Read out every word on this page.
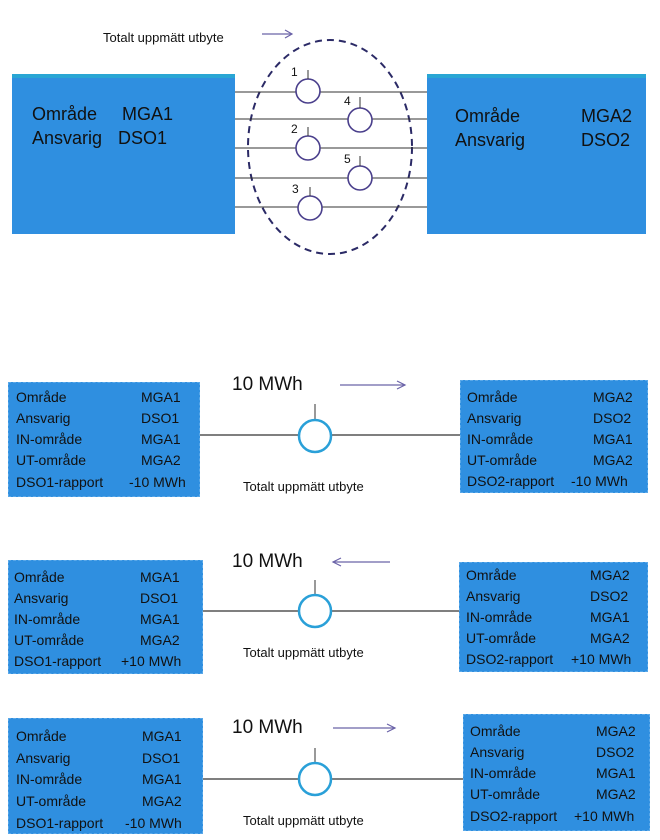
Totalt uppmätt utbyte
1
4
2
5
3
Område MGA1
Ansvarig DSO1
Område	MGA2
Ansvarig	DSO2
10 MWh
Totalt uppmätt utbyte
Område	MGA1
Ansvarig	DSO1
IN-område	MGA1
UT-område	MGA2
DSO1-rapport -10 MWh
Område	MGA2
Ansvarig	DSO2
IN-område	MGA1
UT-område	MGA2
DSO2-rapport -10 MWh
10 MWh
Totalt uppmätt utbyte
Område	MGA1
Ansvarig	DSO1
IN-område	MGA1
UT-område	MGA2
DSO1-rapport +10 MWh
Område	MGA2
Ansvarig	DSO2
IN-område	MGA1
UT-område	MGA2
DSO2-rapport +10 MWh
10 MWh
Totalt uppmätt utbyte
Område	MGA1
Ansvarig	DSO1
IN-område	MGA1
UT-område	MGA2
DSO1-rapport -10 MWh
Område	MGA2
Ansvarig	DSO2
IN-område	MGA1
UT-område	MGA2
DSO2-rapport +10 MWh
